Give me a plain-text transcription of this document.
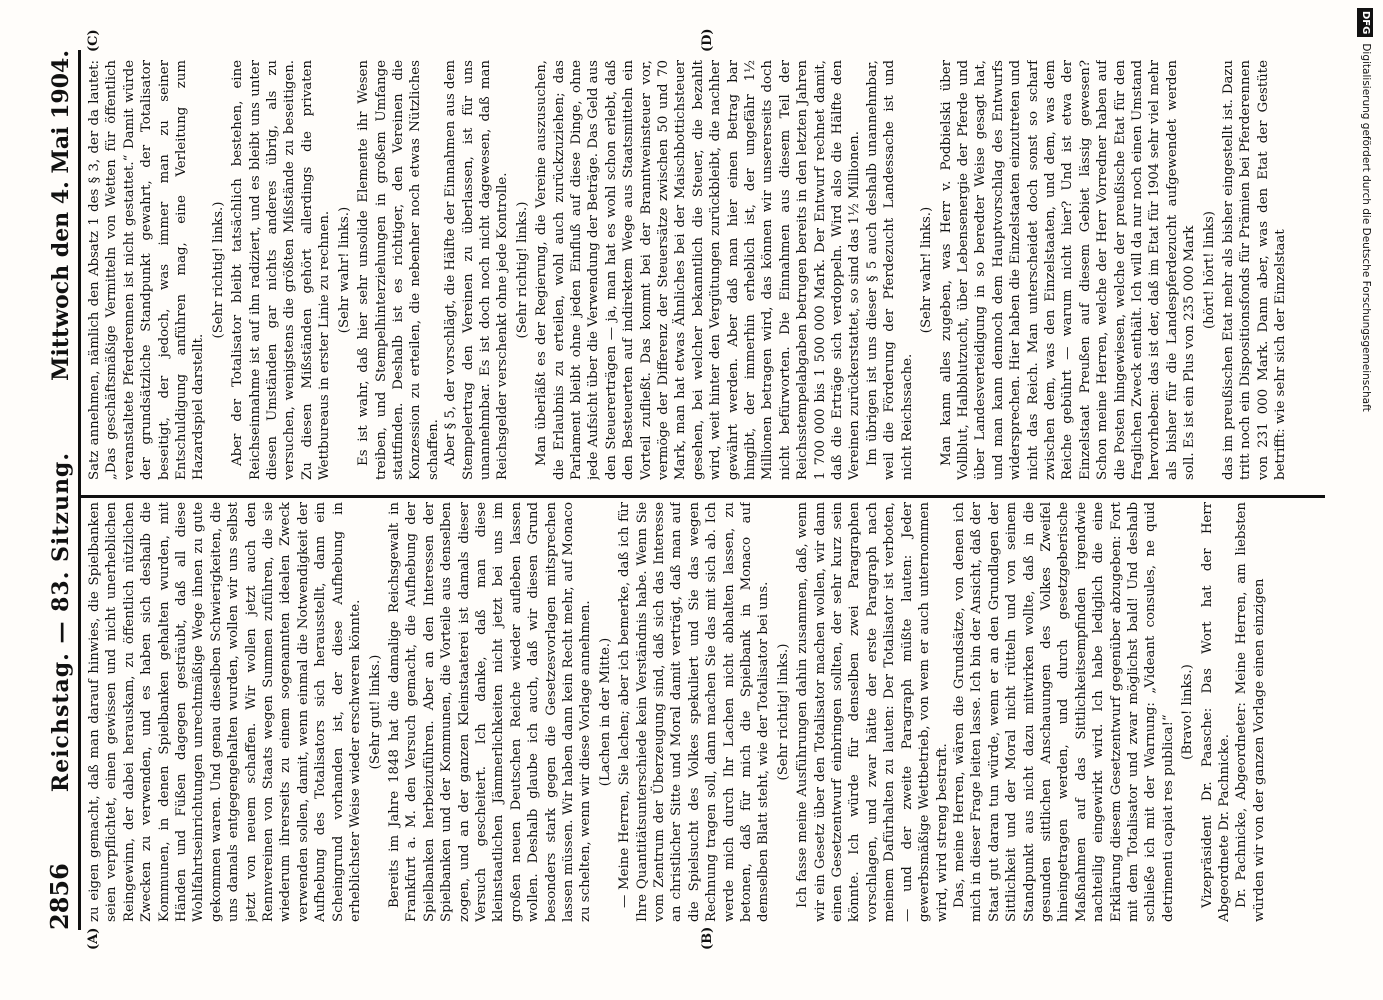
2856
Reichstag. — 83. Sitzung.
Mittwoch den 4. Mai 1904.
(A)	(B)
(C)	(D)

zu eigen gemacht, daß man darauf hinwies, die Spielbanken seien verpflichtet, einen gewissen und nicht unerheblichen Reingewinn, der dabei herauskam, zu öffentlich nützlichen Zwecken zu verwenden, und es haben sich deshalb die Kommunen, in denen Spielbanken gehalten wurden, mit Händen und Füßen dagegen gesträubt, daß all diese Wohlfahrtseinrichtungen unrechtmäßige Wege ihnen zu gute gekommen waren. Und genau dieselben Schwierigkeiten, die uns damals entgegengehalten wurden, wollen wir uns selbst jetzt von neuem schaffen. Wir wollen jetzt auch den Rennvereinen von Staats wegen Summen zuführen, die sie wiederum ihrerseits zu einem sogenannten idealen Zweck verwenden sollen, damit, wenn einmal die Notwendigkeit der Aufhebung des Totalisators sich herausstellt, dann ein Scheingrund vorhanden ist, der diese Aufhebung in erheblichster Weise wieder erschweren könnte. (Sehr gut! links.) Bereits im Jahre 1848 hat die damalige Reichsgewalt in Frankfurt a. M. den Versuch gemacht, die Aufhebung der Spielbanken herbeizuführen. Aber an den Interessen der Spielbanken und der Kommunen, die Vorteile aus denselben zogen, und an der ganzen Kleinstaaterei ist damals dieser Versuch gescheitert. Ich danke, daß man diese kleinstaatlichen Jämmerlichkeiten nicht jetzt bei uns im großen neuen Deutschen Reiche wieder aufleben lassen wollen. Deshalb glaube ich auch, daß wir diesen Grund besonders stark gegen die Gesetzesvorlagen mitsprechen lassen müssen. Wir haben dann kein Recht mehr, auf Monaco zu schelten, wenn wir diese Vorlage annehmen. (Lachen in der Mitte.) — Meine Herren, Sie lachen; aber ich bemerke, daß ich für Ihre Quantitätsunterschiede kein Verständnis habe. Wenn Sie vom Zentrum der Überzeugung sind, daß sich das Interesse an christlicher Sitte und Moral damit verträgt, daß man auf die Spielsucht des Volkes spekuliert und Sie das wegen Rechnung tragen soll, dann machen Sie das mit sich ab. Ich werde mich durch Ihr Lachen nicht abhalten lassen, zu betonen, daß für mich die Spielbank in Monaco auf demselben Blatt steht, wie der Totalisator bei uns. (Sehr richtig! links.) Ich fasse meine Ausführungen dahin zusammen, daß, wenn wir ein Gesetz über den Totalisator machen wollen, wir dann einen Gesetzentwurf einbringen sollten, der sehr kurz sein könnte. Ich würde für denselben zwei Paragraphen vorschlagen, und zwar hätte der erste Paragraph nach meinem Dafürhalten zu lauten: Der Totalisator ist verboten, — und der zweite Paragraph müßte lauten: Jeder gewerbsmäßige Wettbetrieb, von wem er auch unternommen wird, wird streng bestraft. Das, meine Herren, wären die Grundsätze, von denen ich mich in dieser Frage leiten lasse. Ich bin der Ansicht, daß der Staat gut daran tun würde, wenn er an den Grundlagen der Sittlichkeit und der Moral nicht rütteln und von seinem Standpunkt aus nicht dazu mitwirken wollte, daß in die gesunden sittlichen Anschauungen des Volkes Zweifel hineingetragen werden, und durch gesetzgeberische Maßnahmen auf das Sittlichkeitsempfinden irgendwie nachteilig eingewirkt wird. Ich habe lediglich die eine Erklärung diesem Gesetzentwurf gegenüber abzugeben: Fort mit dem Totalisator und zwar möglichst bald! Und deshalb schließe ich mit der Warnung: „Videant consules, ne quid detrimenti capiat res publica!“

(Bravo! links.) Vizepräsident Dr. Paasche: Das Wort hat der Herr Abgeordnete Dr. Pachnicke. Dr. Pachnicke, Abgeordneter: Meine Herren, am liebsten würden wir von der ganzen Vorlage einen einzigen

Satz annehmen, nämlich den Absatz 1 des § 3, der da lautet: „Das geschäftsmäßige Vermitteln von Wetten für öffentlich veranstaltete Pferderennen ist nicht gestattet.“ Damit würde der grundsätzliche Standpunkt gewahrt, der Totalisator beseitigt, der jedoch, was immer man zu seiner Entschuldigung anführen mag, eine Verleitung zum Hazardspiel darstellt.

(Sehr richtig! links.) Aber der Totalisator bleibt tatsächlich bestehen, eine Reichseinnahme ist auf ihn radiziert, und es bleibt uns unter diesen Umständen gar nichts anderes übrig, als zu versuchen, wenigstens die größten Mißstände zu beseitigen. Zu diesen Mißständen gehört allerdings die privaten Wettbureaus in erster Linie zu rechnen. (Sehr wahr! links.) Es ist wahr, daß hier sehr unsolide Elemente ihr Wesen treiben, und Stempelhinterziehungen in großem Umfange stattfinden. Deshalb ist es richtiger, den Vereinen die Konzession zu erteilen, die nebenher noch etwas Nützliches schaffen. Aber § 5, der vorschlägt, die Hälfte der Einnahmen aus dem Stempelertrag den Vereinen zu überlassen, ist für uns unannehmbar. Es ist doch noch nicht dagewesen, daß man Reichsgelder verschenkt ohne jede Kontrolle. (Sehr richtig! links.) Man überläßt es der Regierung, die Vereine auszusuchen, die Erlaubnis zu erteilen, wohl auch zurückzuziehen; das Parlament bleibt ohne jeden Einfluß auf diese Dinge, ohne jede Aufsicht über die Verwendung der Beträge. Das Geld aus den Steuererträgen — ja, man hat es wohl schon erlebt, daß den Besteuerten auf indirektem Wege aus Staatsmitteln ein Vorteil zufließt. Das kommt bei der Branntweinsteuer vor, vermöge der Differenz der Steuersätze zwischen 50 und 70 Mark, man hat etwas Ähnliches bei der Maischbottichsteuer gesehen, bei welcher bekanntlich die Steuer, die bezahlt wird, weit hinter den Vergütungen zurückbleibt, die nachher gewährt werden. Aber daß man hier einen Betrag bar hingibt, der immerhin erheblich ist, der ungefähr 1½ Millionen betragen wird, das können wir unsererseits doch nicht befürworten. Die Einnahmen aus diesem Teil der Reichsstempelabgaben betrugen bereits in den letzten Jahren 1 700 000 bis 1 500 000 Mark. Der Entwurf rechnet damit, daß die Erträge sich verdoppeln. Wird also die Hälfte den Vereinen zurückerstattet, so sind das 1½ Millionen. Im übrigen ist uns dieser § 5 auch deshalb unannehmbar, weil die Förderung der Pferdezucht Landessache ist und nicht Reichssache.

(Sehr wahr! links.) Man kann alles zugeben, was Herr v. Podbielski über Vollblut, Halbblutzucht, über Lebensenergie der Pferde und über Landesverteidigung in so beredter Weise gesagt hat, und man kann dennoch dem Hauptvorschlag des Entwurfs widersprechen. Hier haben die Einzelstaaten einzutreten und nicht das Reich. Man unterscheidet doch sonst so scharf zwischen dem, was den Einzelstaaten, und dem, was dem Reiche gebührt — warum nicht hier? Und ist etwa der Einzelstaat Preußen auf diesem Gebiet lässig gewesen? Schon meine Herren, welche der Herr Vorredner haben auf die Posten hingewiesen, welche der preußische Etat für den fraglichen Zweck enthält. Ich will da nur noch einen Umstand hervorheben: das ist der, daß im Etat für 1904 sehr viel mehr als bisher für die Landespferdezucht aufgewendet werden soll. Es ist ein Plus von 235 000 Mark (hört! hört! links) das im preußischen Etat mehr als bisher eingestellt ist. Dazu tritt noch ein Dispositionsfonds für Prämien bei Pferderennen von 231 000 Mark. Dann aber, was den Etat der Gestüte betrifft: wie sehr sich der Einzelstaat

DFGDigitalisierung gefördert durch die Deutsche Forschungsgemeinschaft
